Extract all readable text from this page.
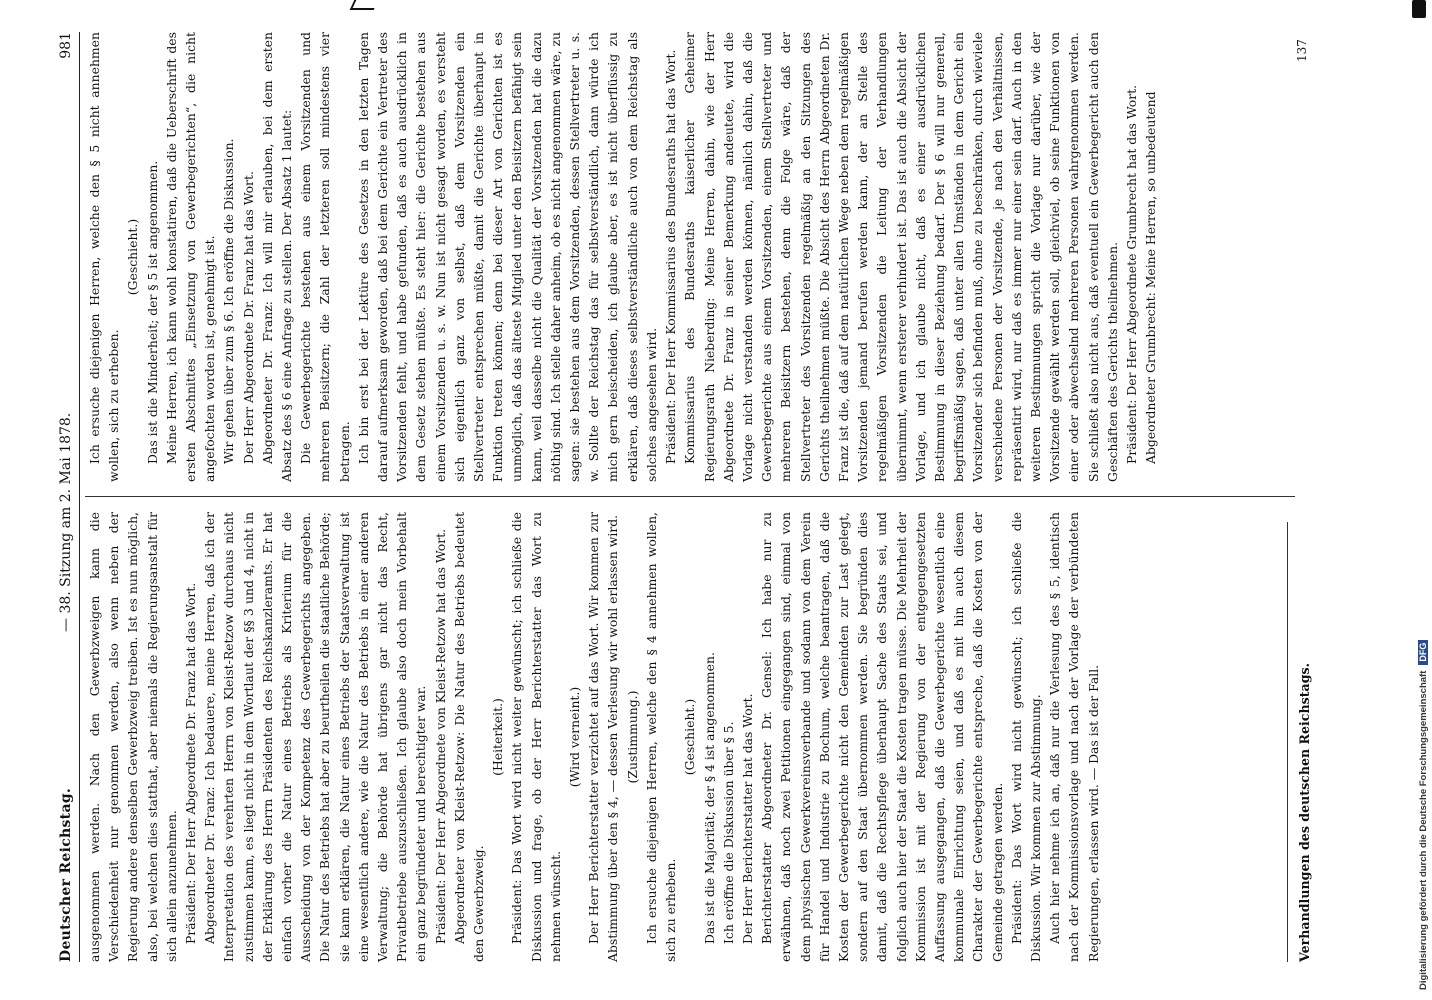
Deutscher Reichstag.
— 38. Sitzung am 2. Mai 1878.
981

ausgenommen werden. Nach den Gewerbzweigen kann die Verschiedenheit nur genommen werden, also wenn neben der Regierung andere denselben Gewerbzweig treiben. Ist es nun möglich, also, bei welchen dies statthat, aber niemals die Regierungsanstalt für sich allein anzunehmen. Präsident: Der Herr Abgeordnete Dr. Franz hat das Wort. Abgeordneter Dr. Franz: Ich bedauere, meine Herren, daß ich der Interpretation des verehrten Herrn von Kleist-Retzow durchaus nicht zustimmen kann, es liegt nicht in dem Wortlaut der §§ 3 und 4, nicht in der Erklärung des Herrn Präsidenten des Reichskanzleramts. Er hat einfach vorher die Natur eines Betriebs als Kriterium für die Ausscheidung von der Kompetenz des Gewerbegerichts angegeben. Die Natur des Betriebs hat aber zu beurtheilen die staatliche Behörde; sie kann erklären, die Natur eines Betriebs der Staatsverwaltung ist eine wesentlich andere, wie die Natur des Betriebs in einer anderen Verwaltung; die Behörde hat übrigens gar nicht das Recht, Privatbetriebe auszuschließen. Ich glaube also doch mein Vorbehalt ein ganz begründeter und berechtigter war. Präsident: Der Herr Abgeordnete von Kleist-Retzow hat das Wort. Abgeordneter von Kleist-Retzow: Die Natur des Betriebs bedeutet den Gewerbzweig.

(Heiterkeit.) Präsident: Das Wort wird nicht weiter gewünscht; ich schließe die Diskussion und frage, ob der Herr Berichterstatter das Wort zu nehmen wünscht.

(Wird verneint.) Der Herr Berichterstatter verzichtet auf das Wort. Wir kommen zur Abstimmung über den § 4, — dessen Verlesung wir wohl erlassen wird. (Zustimmung.) Ich ersuche diejenigen Herren, welche den § 4 annehmen wollen, sich zu erheben.

(Geschieht.) Das ist die Majorität; der § 4 ist angenommen. Ich eröffne die Diskussion über § 5. Der Herr Berichterstatter hat das Wort. Berichterstatter Abgeordneter Dr. Gensel: Ich habe nur zu erwähnen, daß noch zwei Petitionen eingegangen sind, einmal von dem physischen Gewerkvereinsverbande und sodann von dem Verein für Handel und Industrie zu Bochum, welche beantragen, daß die Kosten der Gewerbegerichte nicht den Gemeinden zur Last gelegt, sondern auf den Staat übernommen werden. Sie begründen dies damit, daß die Rechtspflege überhaupt Sache des Staats sei, und folglich auch hier der Staat die Kosten tragen müsse. Die Mehrheit der Kommission ist mit der Regierung von der entgegengesetzten Auffassung ausgegangen, daß die Gewerbegerichte wesentlich eine kommunale Einrichtung seien, und daß es mit hin auch diesem Charakter der Gewerbegerichte entspreche, daß die Kosten von der Gemeinde getragen werden. Präsident: Das Wort wird nicht gewünscht; ich schließe die Diskussion. Wir kommen zur Abstimmung. Auch hier nehme ich an, daß nur die Verlesung des § 5, identisch nach der Kommissionsvorlage und nach der Vorlage der verbündeten Regierungen, erlassen wird. — Das ist der Fall.

Ich ersuche diejenigen Herren, welche den § 5 nicht annehmen wollen, sich zu erheben.

(Geschieht.) Das ist die Minderheit; der § 5 ist angenommen. Meine Herren, ich kann wohl konstatiren, daß die Ueberschrift des ersten Abschnittes „Einsetzung von Gewerbegerichten“, die nicht angefochten worden ist, genehmigt ist. Wir gehen über zum § 6. Ich eröffne die Diskussion. Der Herr Abgeordnete Dr. Franz hat das Wort. Abgeordneter Dr. Franz: Ich will mir erlauben, bei dem ersten Absatz des § 6 eine Anfrage zu stellen. Der Absatz 1 lautet: Die Gewerbegerichte bestehen aus einem Vorsitzenden und mehreren Beisitzern; die Zahl der letzteren soll mindestens vier betragen. Ich bin erst bei der Lektüre des Gesetzes in den letzten Tagen darauf aufmerksam geworden, daß bei dem Gerichte ein Vertreter des Vorsitzenden fehlt, und habe gefunden, daß es auch ausdrücklich in dem Gesetz stehen müßte. Es steht hier: die Gerichte bestehen aus einem Vorsitzenden u. s. w. Nun ist nicht gesagt worden, es versteht sich eigentlich ganz von selbst, daß dem Vorsitzenden ein Stellvertreter entsprechen müßte, damit die Gerichte überhaupt in Funktion treten können; denn bei dieser Art von Gerichten ist es unmöglich, daß das älteste Mitglied unter den Beisitzern befähigt sein kann, weil dasselbe nicht die Qualität der Vorsitzenden hat die dazu nöthig sind. Ich stelle daher anheim, ob es nicht angenommen wäre, zu sagen: sie bestehen aus dem Vorsitzenden, dessen Stellvertreter u. s. w. Sollte der Reichstag das für selbstverständlich, dann würde ich mich gern beischeiden, ich glaube aber, es ist nicht überflüssig zu erklären, daß dieses selbstverständliche auch von dem Reichstag als solches angesehen wird. Präsident: Der Herr Kommissarius des Bundesraths hat das Wort. Kommissarius des Bundesraths kaiserlicher Geheimer Regierungsrath Nieberding: Meine Herren, dahin, wie der Herr Abgeordnete Dr. Franz in seiner Bemerkung andeutete, wird die Vorlage nicht verstanden werden können, nämlich dahin, daß die Gewerbegerichte aus einem Vorsitzenden, einem Stellvertreter und mehreren Beisitzern bestehen, denn die Folge wäre, daß der Stellvertreter des Vorsitzenden regelmäßig an den Sitzungen des Gerichts theilnehmen müßte. Die Absicht des Herrn Abgeordneten Dr. Franz ist die, daß auf dem natürlichen Wege neben dem regelmäßigen Vorsitzenden jemand berufen werden kann, der an Stelle des regelmäßigen Vorsitzenden die Leitung der Verhandlungen übernimmt, wenn ersterer verhindert ist. Das ist auch die Absicht der Vorlage, und ich glaube nicht, daß es einer ausdrücklichen Bestimmung in dieser Beziehung bedarf. Der § 6 will nur generell, begriffsmäßig sagen, daß unter allen Umständen in dem Gericht ein Vorsitzender sich befinden muß, ohne zu beschränken, durch wieviele verschiedene Personen der Vorsitzende, je nach den Verhältnissen, repräsentirt wird, nur daß es immer nur einer sein darf. Auch in den weiteren Bestimmungen spricht die Vorlage nur darüber, wie der Vorsitzende gewählt werden soll, gleichviel, ob seine Funktionen von einer oder abwechselnd mehreren Personen wahrgenommen werden. Sie schließt also nicht aus, daß eventuell ein Gewerbegericht auch den Geschäften des Gerichts theilnehmen. Präsident: Der Herr Abgeordnete Grumbrecht hat das Wort. Abgeordneter Grumbrecht: Meine Herren, so unbedeutend

Verhandlungen des deutschen Reichstags.
137
Digitalisierung gefördert durch die Deutsche ForschungsgemeinschaftDFG
